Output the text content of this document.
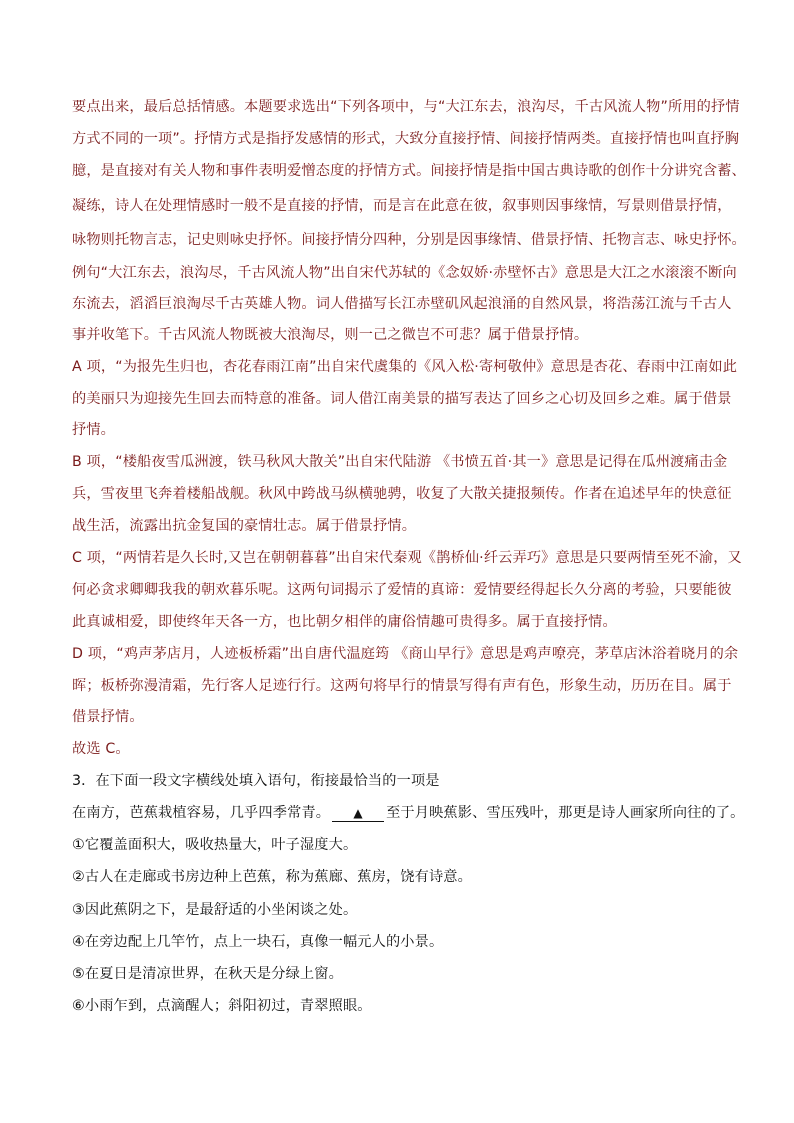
要点出来，最后总括情感。本题要求选出“下列各项中，与“大江东去，浪沟尽，千古风流人物”所用的抒情
方式不同的一项”。抒情方式是指抒发感情的形式，大致分直接抒情、间接抒情两类。直接抒情也叫直抒胸
臆，是直接对有关人物和事件表明爱憎态度的抒情方式。间接抒情是指中国古典诗歌的创作十分讲究含蓄、
凝练，诗人在处理情感时一般不是直接的抒情，而是言在此意在彼，叙事则因事缘情，写景则借景抒情，
咏物则托物言志，记史则咏史抒怀。间接抒情分四种，分别是因事缘情、借景抒情、托物言志、咏史抒怀。
例句“大江东去，浪沟尽，千古风流人物”出自宋代苏轼的《念奴娇·赤壁怀古》意思是大江之水滚滚不断向
东流去，滔滔巨浪淘尽千古英雄人物。词人借描写长江赤壁矶风起浪涌的自然风景，将浩荡江流与千古人
事并收笔下。千古风流人物既被大浪淘尽，则一己之微岂不可悲？属于借景抒情。
A 项，“为报先生归也，杏花春雨江南”出自宋代虞集的《风入松·寄柯敬仲》意思是杏花、春雨中江南如此
的美丽只为迎接先生回去而特意的准备。词人借江南美景的描写表达了回乡之心切及回乡之难。属于借景
抒情。
B 项，“楼船夜雪瓜洲渡，铁马秋风大散关”出自宋代陆游 《书愤五首·其一》意思是记得在瓜州渡痛击金
兵，雪夜里飞奔着楼船战舰。秋风中跨战马纵横驰骋，收复了大散关捷报频传。作者在追述早年的快意征
战生活，流露出抗金复国的豪情壮志。属于借景抒情。
C 项，“两情若是久长时,又岂在朝朝暮暮”出自宋代秦观《鹊桥仙·纤云弄巧》意思是只要两情至死不渝，又
何必贪求卿卿我我的朝欢暮乐呢。这两句词揭示了爱情的真谛：爱情要经得起长久分离的考验，只要能彼
此真诚相爱，即使终年天各一方，也比朝夕相伴的庸俗情趣可贵得多。属于直接抒情。
D 项，“鸡声茅店月，人迹板桥霜”出自唐代温庭筠 《商山早行》意思是鸡声嘹亮，茅草店沐浴着晓月的余
晖；板桥弥漫清霜，先行客人足迹行行。这两句将早行的情景写得有声有色，形象生动，历历在目。属于
借景抒情。
故选 C。
3．在下面一段文字横线处填入语句，衔接最恰当的一项是
在南方，芭蕉栽植容易，几乎四季常青。 ▲ 至于月映蕉影、雪压残叶，那更是诗人画家所向往的了。
①它覆盖面积大，吸收热量大，叶子湿度大。
②古人在走廊或书房边种上芭蕉，称为蕉廊、蕉房，饶有诗意。
③因此蕉阴之下，是最舒适的小坐闲谈之处。
④在旁边配上几竿竹，点上一块石，真像一幅元人的小景。
⑤在夏日是清凉世界，在秋天是分绿上窗。
⑥小雨乍到，点滴醒人；斜阳初过，青翠照眼。
